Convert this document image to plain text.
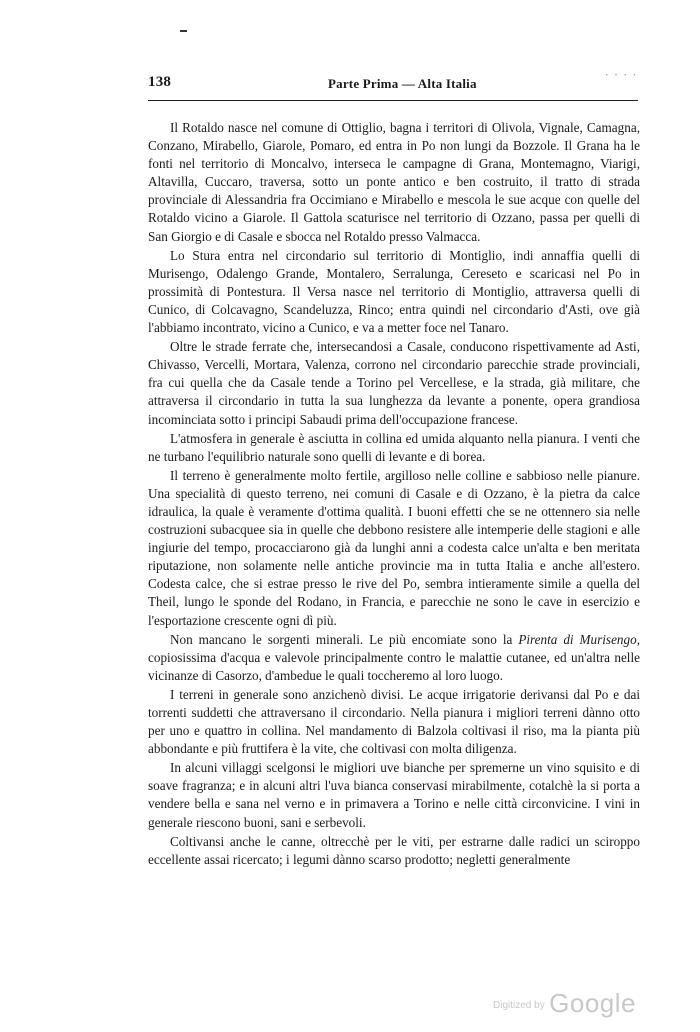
138	Parte Prima — Alta Italia
· · · ·

Il Rotaldo nasce nel comune di Ottiglio, bagna i territori di Olivola, Vignale, Camagna, Conzano, Mirabello, Giarole, Pomaro, ed entra in Po non lungi da Bozzole. Il Grana ha le fonti nel territorio di Moncalvo, interseca le campagne di Grana, Montemagno, Viarigi, Altavilla, Cuccaro, traversa, sotto un ponte antico e ben costruito, il tratto di strada provinciale di Alessandria fra Occimiano e Mirabello e mescola le sue acque con quelle del Rotaldo vicino a Giarole. Il Gattola scaturisce nel territorio di Ozzano, passa per quelli di San Giorgio e di Casale e sbocca nel Rotaldo presso Valmacca.

Lo Stura entra nel circondario sul territorio di Montiglio, indi annaffia quelli di Murisengo, Odalengo Grande, Montalero, Serralunga, Cereseto e scaricasi nel Po in prossimità di Pontestura. Il Versa nasce nel territorio di Montiglio, attraversa quelli di Cunico, di Colcavagno, Scandeluzza, Rinco; entra quindi nel circondario d'Asti, ove già l'abbiamo incontrato, vicino a Cunico, e va a metter foce nel Tanaro.

Oltre le strade ferrate che, intersecandosi a Casale, conducono rispettivamente ad Asti, Chivasso, Vercelli, Mortara, Valenza, corrono nel circondario parecchie strade provinciali, fra cui quella che da Casale tende a Torino pel Vercellese, e la strada, già militare, che attraversa il circondario in tutta la sua lunghezza da levante a ponente, opera grandiosa incominciata sotto i principi Sabaudi prima dell'occupazione francese.

L'atmosfera in generale è asciutta in collina ed umida alquanto nella pianura. I venti che ne turbano l'equilibrio naturale sono quelli di levante e di borea.

Il terreno è generalmente molto fertile, argilloso nelle colline e sabbioso nelle pianure. Una specialità di questo terreno, nei comuni di Casale e di Ozzano, è la pietra da calce idraulica, la quale è veramente d'ottima qualità. I buoni effetti che se ne ottennero sia nelle costruzioni subacquee sia in quelle che debbono resistere alle intemperie delle stagioni e alle ingiurie del tempo, procacciarono già da lunghi anni a codesta calce un'alta e ben meritata riputazione, non solamente nelle antiche provincie ma in tutta Italia e anche all'estero. Codesta calce, che si estrae presso le rive del Po, sembra intieramente simile a quella del Theil, lungo le sponde del Rodano, in Francia, e parecchie ne sono le cave in esercizio e l'esportazione crescente ogni dì più.

Non mancano le sorgenti minerali. Le più encomiate sono la Pirenta di Murisengo, copiosissima d'acqua e valevole principalmente contro le malattie cutanee, ed un'altra nelle vicinanze di Casorzo, d'ambedue le quali toccheremo al loro luogo.

I terreni in generale sono anzichenò divisi. Le acque irrigatorie derivansi dal Po e dai torrenti suddetti che attraversano il circondario. Nella pianura i migliori terreni dànno otto per uno e quattro in collina. Nel mandamento di Balzola coltivasi il riso, ma la pianta più abbondante e più fruttifera è la vite, che coltivasi con molta diligenza.

In alcuni villaggi scelgonsi le migliori uve bianche per spremerne un vino squisito e di soave fragranza; e in alcuni altri l'uva bianca conservasi mirabilmente, cotalchè la si porta a vendere bella e sana nel verno e in primavera a Torino e nelle città circonvicine. I vini in generale riescono buoni, sani e serbevoli.

Coltivansi anche le canne, oltrecchè per le viti, per estrarne dalle radici un sciroppo eccellente assai ricercato; i legumi dànno scarso prodotto; negletti generalmente

$^{Digitized by}$ Google
